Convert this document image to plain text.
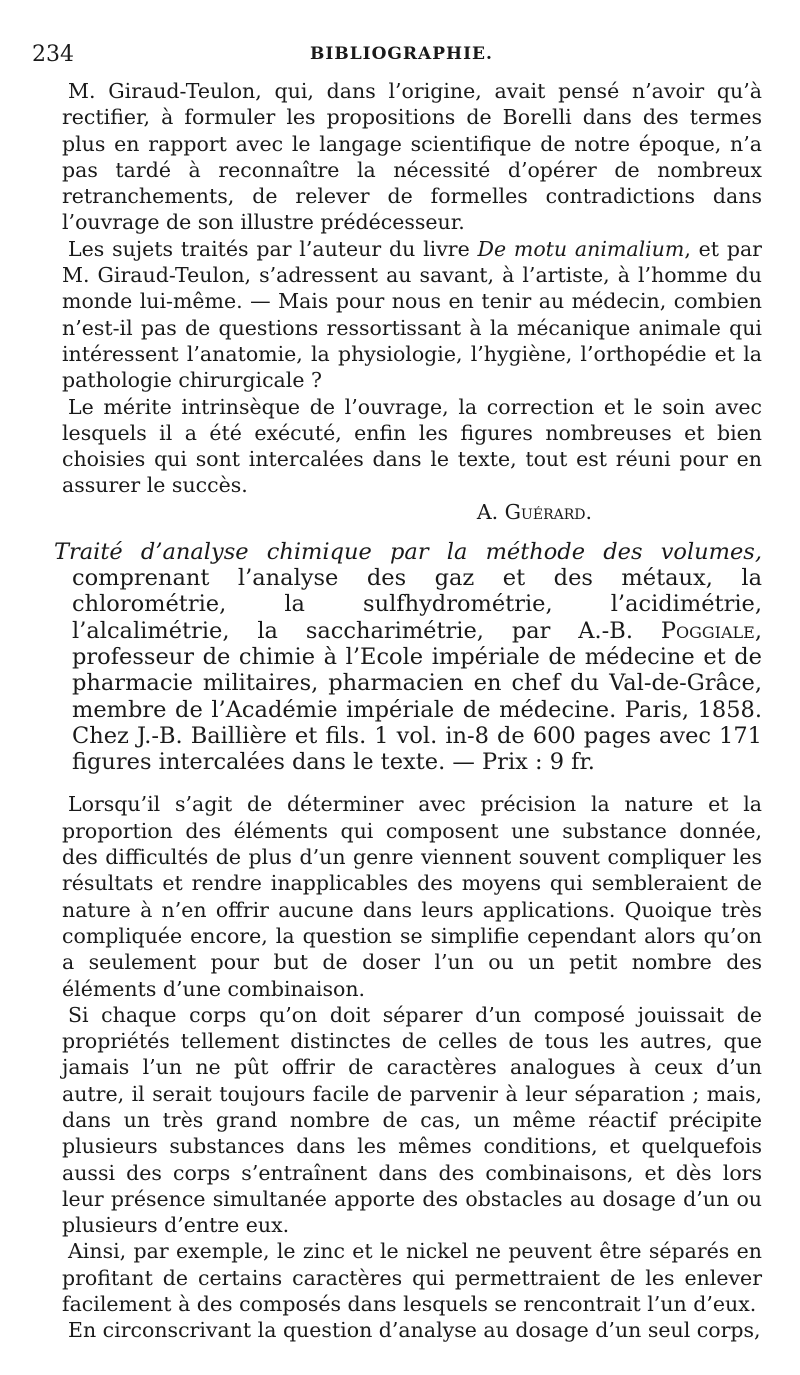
234	BIBLIOGRAPHIE.

M. Giraud-Teulon, qui, dans l’origine, avait pensé n’avoir qu’à rectifier, à formuler les propositions de Borelli dans des termes plus en rapport avec le langage scientifique de notre époque, n’a pas tardé à reconnaître la nécessité d’opérer de nombreux retranchements, de relever de formelles contradictions dans l’ouvrage de son illustre prédécesseur.

Les sujets traités par l’auteur du livre De motu animalium, et par M. Giraud-Teulon, s’adressent au savant, à l’artiste, à l’homme du monde lui-même. — Mais pour nous en tenir au médecin, combien n’est-il pas de questions ressortissant à la mécanique animale qui intéressent l’anatomie, la physiologie, l’hygiène, l’orthopédie et la pathologie chirurgicale ?

Le mérite intrinsèque de l’ouvrage, la correction et le soin avec lesquels il a été exécuté, enfin les figures nombreuses et bien choisies qui sont intercalées dans le texte, tout est réuni pour en assurer le succès.

A. Guérard.

Traité d’analyse chimique par la méthode des volumes, comprenant l’analyse des gaz et des métaux, la chlorométrie, la sulfhydrométrie, l’acidimétrie, l’alcalimétrie, la saccharimétrie, par A.-B. Poggiale, professeur de chimie à l’Ecole impériale de médecine et de pharmacie militaires, pharmacien en chef du Val-de-Grâce, membre de l’Académie impériale de médecine. Paris, 1858. Chez J.-B. Baillière et fils. 1 vol. in-8 de 600 pages avec 171 figures intercalées dans le texte. — Prix : 9 fr.

Lorsqu’il s’agit de déterminer avec précision la nature et la proportion des éléments qui composent une substance donnée, des difficultés de plus d’un genre viennent souvent compliquer les résultats et rendre inapplicables des moyens qui sembleraient de nature à n’en offrir aucune dans leurs applications. Quoique très compliquée encore, la question se simplifie cependant alors qu’on a seulement pour but de doser l’un ou un petit nombre des éléments d’une combinaison.

Si chaque corps qu’on doit séparer d’un composé jouissait de propriétés tellement distinctes de celles de tous les autres, que jamais l’un ne pût offrir de caractères analogues à ceux d’un autre, il serait toujours facile de parvenir à leur séparation ; mais, dans un très grand nombre de cas, un même réactif précipite plusieurs substances dans les mêmes conditions, et quelquefois aussi des corps s’entraînent dans des combinaisons, et dès lors leur présence simultanée apporte des obstacles au dosage d’un ou plusieurs d’entre eux.

Ainsi, par exemple, le zinc et le nickel ne peuvent être séparés en profitant de certains caractères qui permettraient de les enlever facilement à des composés dans lesquels se rencontrait l’un d’eux.

En circonscrivant la question d’analyse au dosage d’un seul corps,
